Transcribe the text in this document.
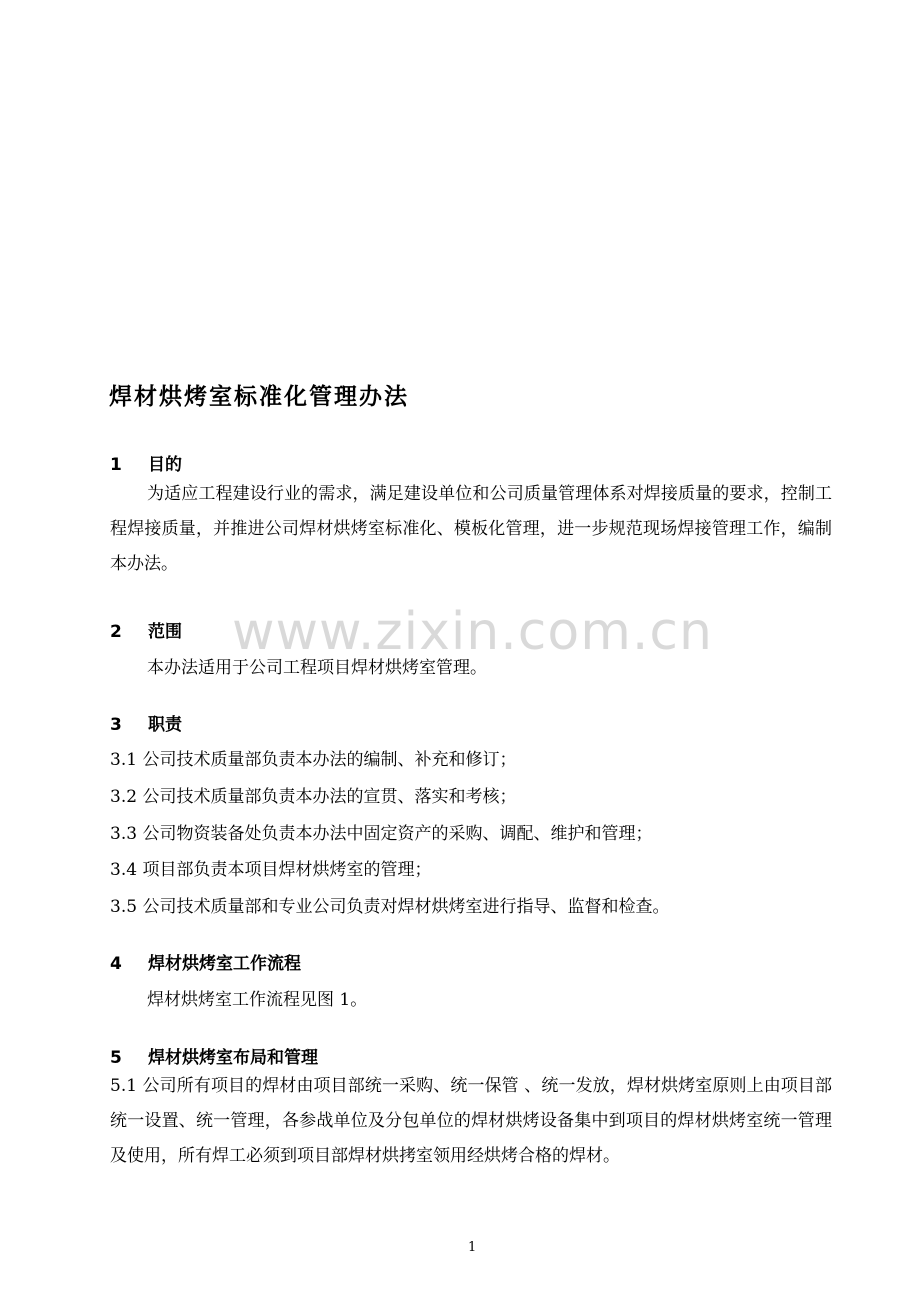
www.zixin.com.cn
焊材烘烤室标准化管理办法
1 目的
为适应工程建设行业的需求，满足建设单位和公司质量管理体系对焊接质量的要求，控制工程焊接质量，并推进公司焊材烘烤室标准化、模板化管理，进一步规范现场焊接管理工作，编制本办法。
2 范围
本办法适用于公司工程项目焊材烘烤室管理。
3 职责
3.1 公司技术质量部负责本办法的编制、补充和修订；
3.2 公司技术质量部负责本办法的宣贯、落实和考核；
3.3 公司物资装备处负责本办法中固定资产的采购、调配、维护和管理；
3.4 项目部负责本项目焊材烘烤室的管理；
3.5 公司技术质量部和专业公司负责对焊材烘烤室进行指导、监督和检查。
4 焊材烘烤室工作流程
焊材烘烤室工作流程见图 1。
5 焊材烘烤室布局和管理
5.1 公司所有项目的焊材由项目部统一采购、统一保管 、统一发放，焊材烘烤室原则上由项目部统一设置、统一管理，各参战单位及分包单位的焊材烘烤设备集中到项目的焊材烘烤室统一管理及使用，所有焊工必须到项目部焊材烘拷室领用经烘烤合格的焊材。
1
